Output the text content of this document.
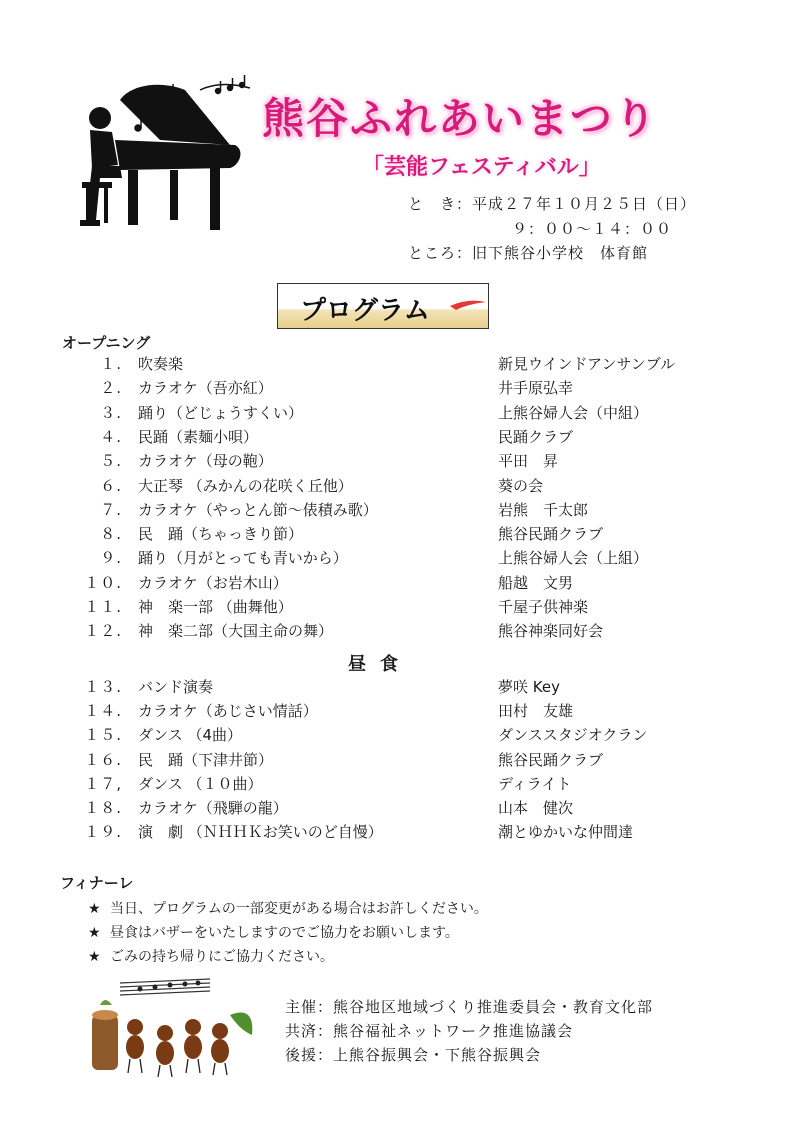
熊谷ふれあいまつり
「芸能フェスティバル」
と　き：平成２７年１０月２５日（日）
９：００～１４：００
ところ：旧下熊谷小学校　体育館
プログラム
オープニング
１. 吹奏楽	新見ウインドアンサンブル
２. カラオケ（吾亦紅）	井手原弘幸
３. 踊り（どじょうすくい）	上熊谷婦人会（中組）
４. 民踊（素麺小唄）	民踊クラブ
５. カラオケ（母の鞄）	平田　昇
６. 大正琴 （みかんの花咲く丘他）	葵の会
７. カラオケ（やっとん節～俵積み歌）	岩熊　千太郎
８. 民　踊（ちゃっきり節）	熊谷民踊クラブ
９. 踊り（月がとっても青いから）	上熊谷婦人会（上組）
１０. カラオケ（お岩木山）	船越　文男
１１. 神　楽一部 （曲舞他）	千屋子供神楽
１２. 神　楽二部（大国主命の舞）	熊谷神楽同好会
昼食
１３. バンド演奏	夢咲 Key
１４. カラオケ（あじさい情話）	田村　友雄
１５. ダンス （4曲）	ダンススタジオクラン
１６. 民　踊（下津井節）	熊谷民踊クラブ
１７, ダンス （１０曲）	ディライト
１８. カラオケ（飛騨の龍）	山本　健次
１９. 演　劇 （ＮＨＨＫお笑いのど自慢）	潮とゆかいな仲間達
フィナーレ
★ 当日、プログラムの一部変更がある場合はお許しください。
★ 昼食はバザーをいたしますのでご協力をお願いします。
★ ごみの持ち帰りにご協力ください。
主催：熊谷地区地域づくり推進委員会・教育文化部
共済：熊谷福祉ネットワーク推進協議会
後援：上熊谷振興会・下熊谷振興会
